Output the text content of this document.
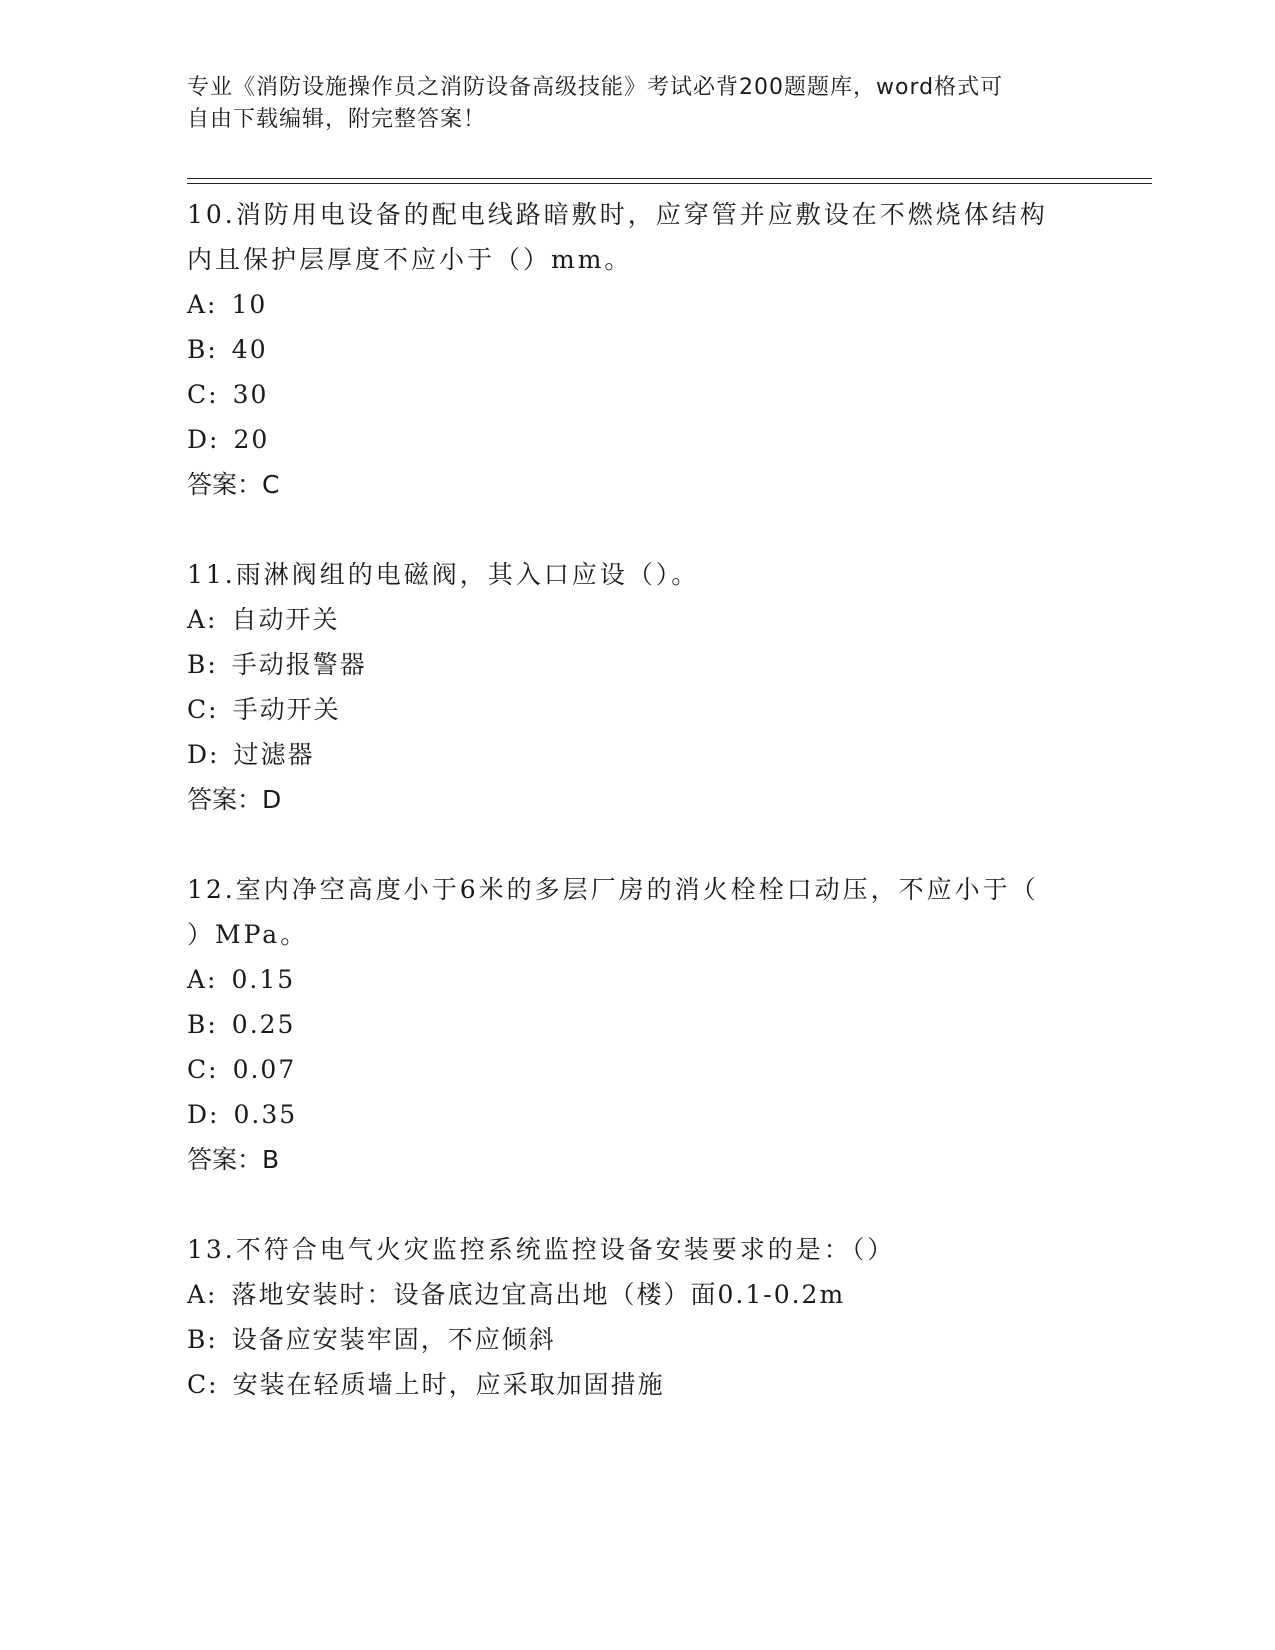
专业《消防设施操作员之消防设备高级技能》考试必背200题题库，word格式可
自由下载编辑，附完整答案！

10.消防用电设备的配电线路暗敷时，应穿管并应敷设在不燃烧体结构

内且保护层厚度不应小于（）mm。

A: 10

B: 40

C: 30

D: 20

答案：C

11.雨淋阀组的电磁阀，其入口应设（）。

A: 自动开关

B: 手动报警器

C: 手动开关

D: 过滤器

答案：D

12.室内净空高度小于6米的多层厂房的消火栓栓口动压，不应小于（

）MPa。

A: 0.15

B: 0.25

C: 0.07

D: 0.35

答案：B

13.不符合电气火灾监控系统监控设备安装要求的是：（）

A: 落地安装时：设备底边宜高出地（楼）面0.1-0.2m

B: 设备应安装牢固，不应倾斜

C: 安装在轻质墙上时，应采取加固措施
